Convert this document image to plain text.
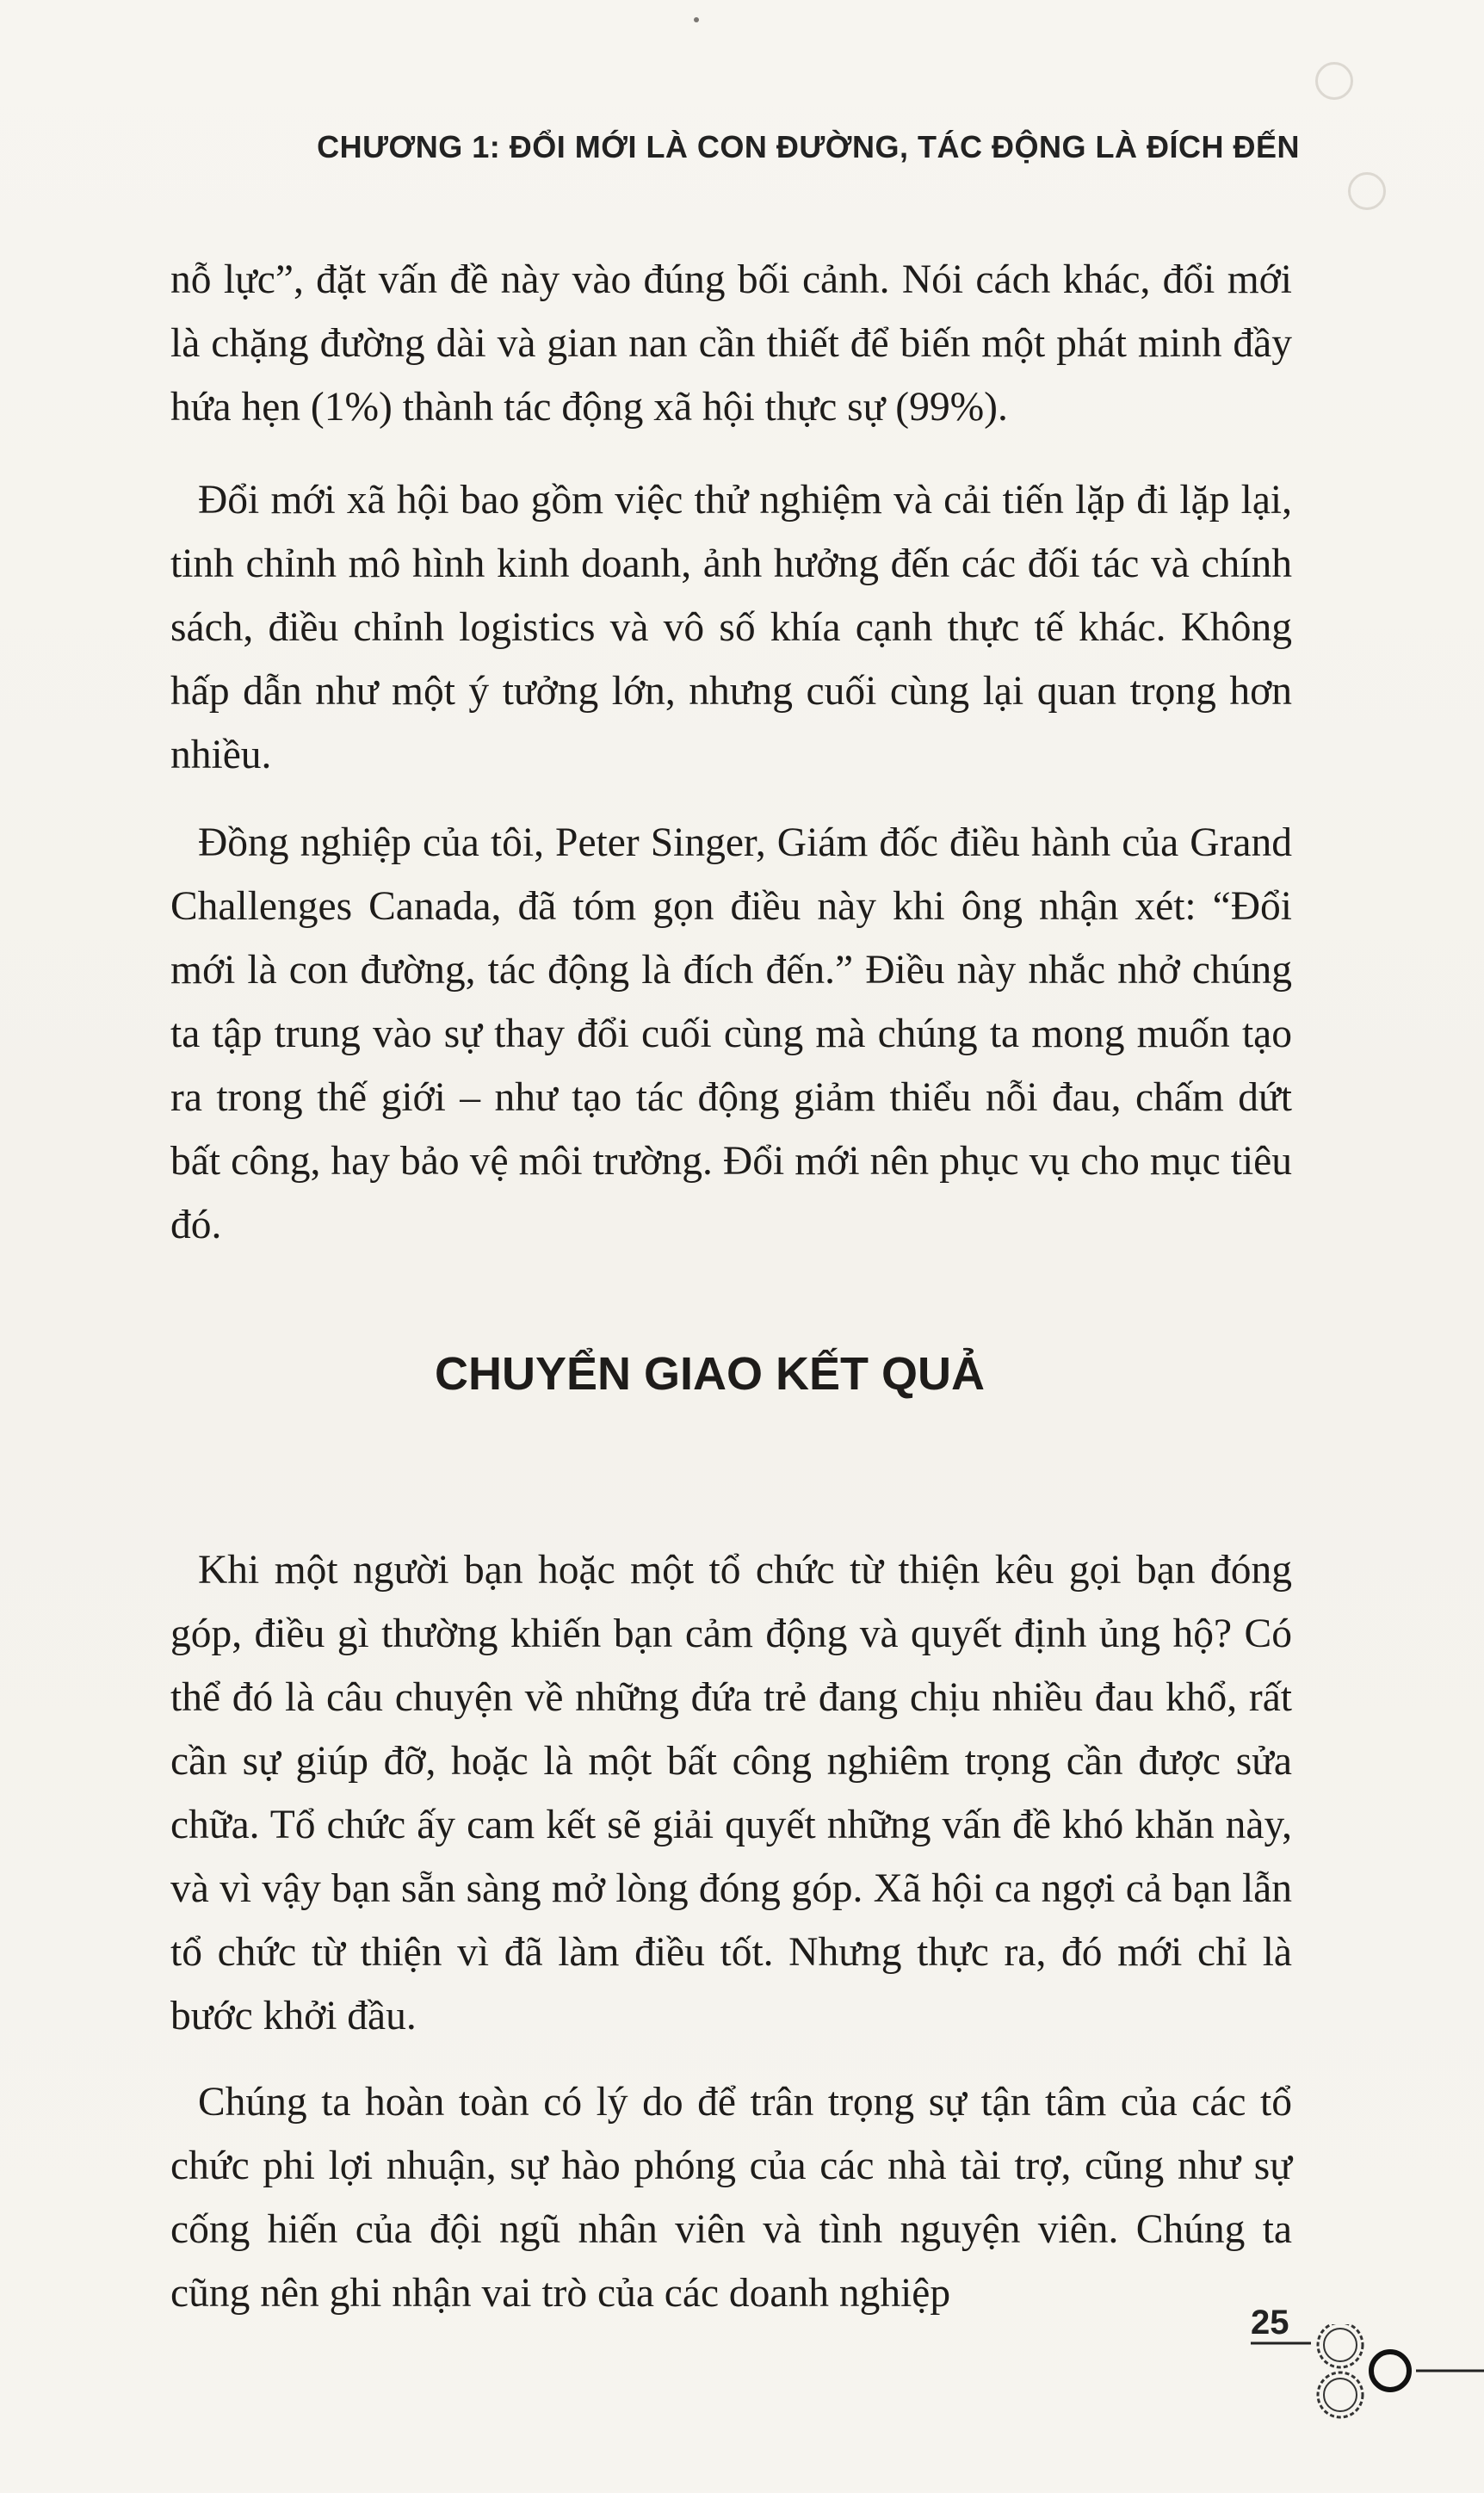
CHƯƠNG 1: ĐỔI MỚI LÀ CON ĐƯỜNG, TÁC ĐỘNG LÀ ĐÍCH ĐẾN

nỗ lực”, đặt vấn đề này vào đúng bối cảnh. Nói cách khác, đổi mới là chặng đường dài và gian nan cần thiết để biến một phát minh đầy hứa hẹn (1%) thành tác động xã hội thực sự (99%).

Đổi mới xã hội bao gồm việc thử nghiệm và cải tiến lặp đi lặp lại, tinh chỉnh mô hình kinh doanh, ảnh hưởng đến các đối tác và chính sách, điều chỉnh logistics và vô số khía cạnh thực tế khác. Không hấp dẫn như một ý tưởng lớn, nhưng cuối cùng lại quan trọng hơn nhiều.

Đồng nghiệp của tôi, Peter Singer, Giám đốc điều hành của Grand Challenges Canada, đã tóm gọn điều này khi ông nhận xét: “Đổi mới là con đường, tác động là đích đến.” Điều này nhắc nhở chúng ta tập trung vào sự thay đổi cuối cùng mà chúng ta mong muốn tạo ra trong thế giới – như tạo tác động giảm thiểu nỗi đau, chấm dứt bất công, hay bảo vệ môi trường. Đổi mới nên phục vụ cho mục tiêu đó.

CHUYỂN GIAO KẾT QUẢ

Khi một người bạn hoặc một tổ chức từ thiện kêu gọi bạn đóng góp, điều gì thường khiến bạn cảm động và quyết định ủng hộ? Có thể đó là câu chuyện về những đứa trẻ đang chịu nhiều đau khổ, rất cần sự giúp đỡ, hoặc là một bất công nghiêm trọng cần được sửa chữa. Tổ chức ấy cam kết sẽ giải quyết những vấn đề khó khăn này, và vì vậy bạn sẵn sàng mở lòng đóng góp. Xã hội ca ngợi cả bạn lẫn tổ chức từ thiện vì đã làm điều tốt. Nhưng thực ra, đó mới chỉ là bước khởi đầu.

Chúng ta hoàn toàn có lý do để trân trọng sự tận tâm của các tổ chức phi lợi nhuận, sự hào phóng của các nhà tài trợ, cũng như sự cống hiến của đội ngũ nhân viên và tình nguyện viên. Chúng ta cũng nên ghi nhận vai trò của các doanh nghiệp

25
